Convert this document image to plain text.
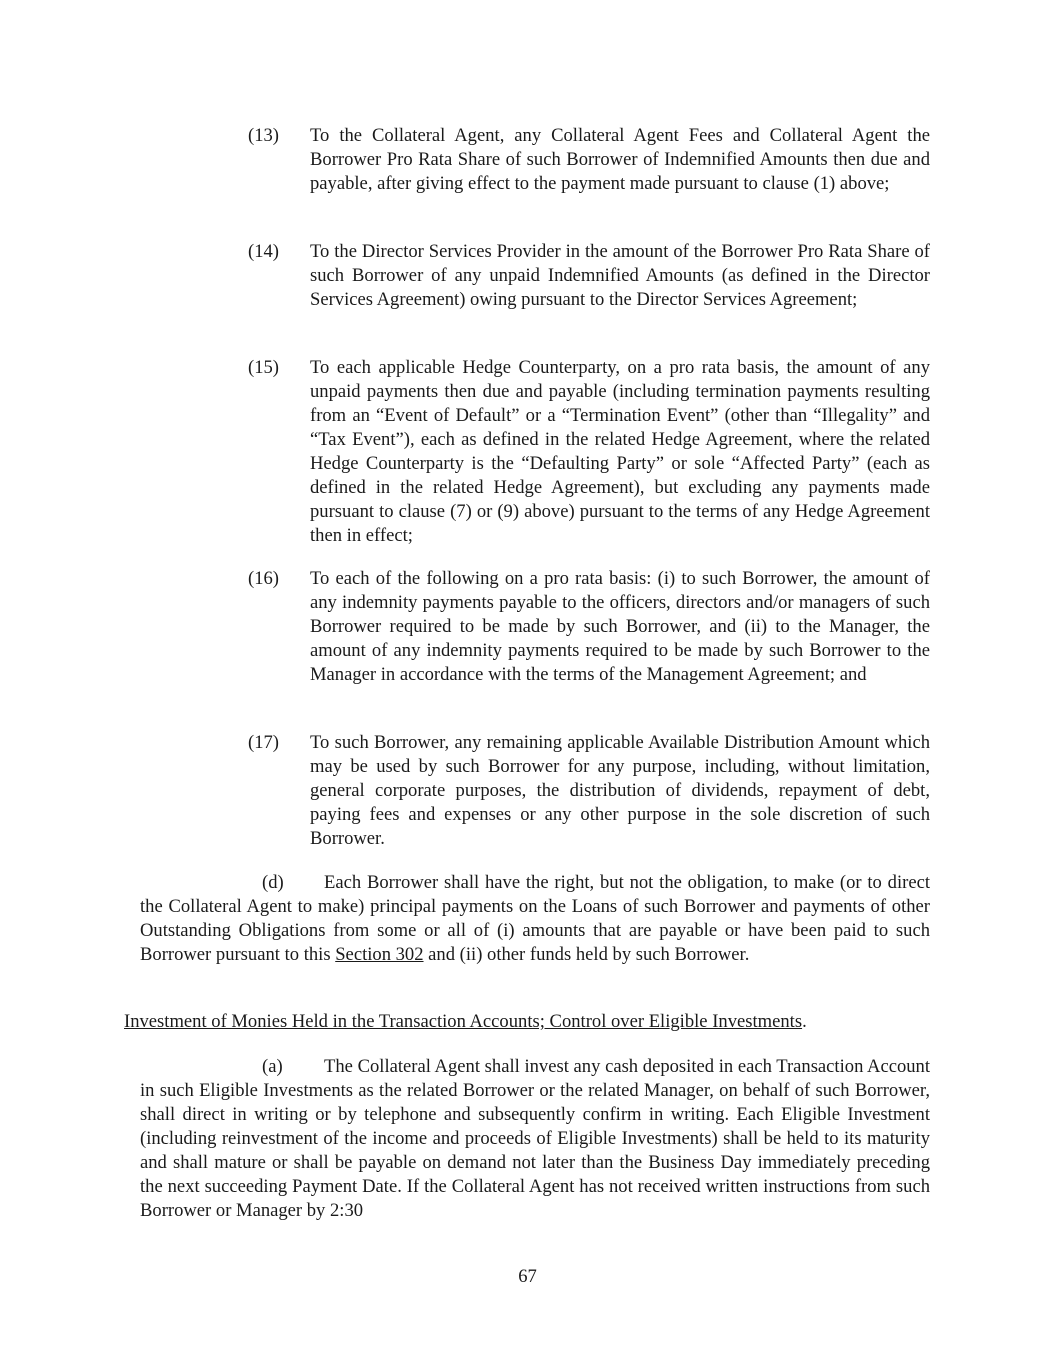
(13) To the Collateral Agent, any Collateral Agent Fees and Collateral Agent the Borrower Pro Rata Share of such Borrower of Indemnified Amounts then due and payable, after giving effect to the payment made pursuant to clause (1) above;
(14) To the Director Services Provider in the amount of the Borrower Pro Rata Share of such Borrower of any unpaid Indemnified Amounts (as defined in the Director Services Agreement) owing pursuant to the Director Services Agreement;
(15) To each applicable Hedge Counterparty, on a pro rata basis, the amount of any unpaid payments then due and payable (including termination payments resulting from an “Event of Default” or a “Termination Event” (other than “Illegality” and “Tax Event”), each as defined in the related Hedge Agreement, where the related Hedge Counterparty is the “Defaulting Party” or sole “Affected Party” (each as defined in the related Hedge Agreement), but excluding any payments made pursuant to clause (7) or (9) above) pursuant to the terms of any Hedge Agreement then in effect;
(16) To each of the following on a pro rata basis: (i) to such Borrower, the amount of any indemnity payments payable to the officers, directors and/or managers of such Borrower required to be made by such Borrower, and (ii) to the Manager, the amount of any indemnity payments required to be made by such Borrower to the Manager in accordance with the terms of the Management Agreement; and
(17) To such Borrower, any remaining applicable Available Distribution Amount which may be used by such Borrower for any purpose, including, without limitation, general corporate purposes, the distribution of dividends, repayment of debt, paying fees and expenses or any other purpose in the sole discretion of such Borrower.
(d) Each Borrower shall have the right, but not the obligation, to make (or to direct the Collateral Agent to make) principal payments on the Loans of such Borrower and payments of other Outstanding Obligations from some or all of (i) amounts that are payable or have been paid to such Borrower pursuant to this Section 302 and (ii) other funds held by such Borrower.
Investment of Monies Held in the Transaction Accounts; Control over Eligible Investments.
(a) The Collateral Agent shall invest any cash deposited in each Transaction Account in such Eligible Investments as the related Borrower or the related Manager, on behalf of such Borrower, shall direct in writing or by telephone and subsequently confirm in writing. Each Eligible Investment (including reinvestment of the income and proceeds of Eligible Investments) shall be held to its maturity and shall mature or shall be payable on demand not later than the Business Day immediately preceding the next succeeding Payment Date. If the Collateral Agent has not received written instructions from such Borrower or Manager by 2:30
67
